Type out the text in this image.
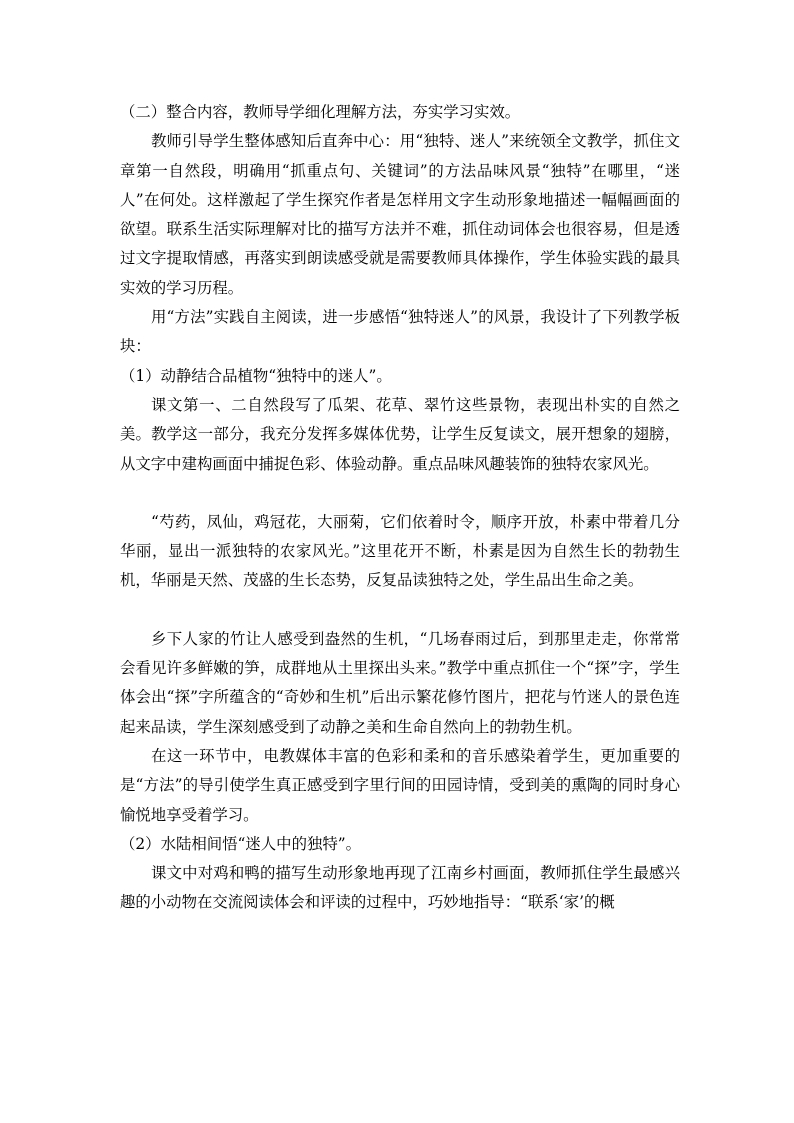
（二）整合内容，教师导学细化理解方法，夯实学习实效。

教师引导学生整体感知后直奔中心：用“独特、迷人”来统领全文教学，抓住文章第一自然段，明确用“抓重点句、关键词”的方法品味风景“独特”在哪里，“迷人”在何处。这样激起了学生探究作者是怎样用文字生动形象地描述一幅幅画面的欲望。联系生活实际理解对比的描写方法并不难，抓住动词体会也很容易，但是透过文字提取情感，再落实到朗读感受就是需要教师具体操作，学生体验实践的最具实效的学习历程。

用“方法”实践自主阅读，进一步感悟“独特迷人”的风景，我设计了下列教学板块：

（1）动静结合品植物“独特中的迷人”。

课文第一、二自然段写了瓜架、花草、翠竹这些景物，表现出朴实的自然之美。教学这一部分，我充分发挥多媒体优势，让学生反复读文，展开想象的翅膀，从文字中建构画面中捕捉色彩、体验动静。重点品味风趣装饰的独特农家风光。

“芍药，凤仙，鸡冠花，大丽菊，它们依着时令，顺序开放，朴素中带着几分华丽，显出一派独特的农家风光。”这里花开不断，朴素是因为自然生长的勃勃生机，华丽是天然、茂盛的生长态势，反复品读独特之处，学生品出生命之美。

乡下人家的竹让人感受到盎然的生机，“几场春雨过后，到那里走走，你常常会看见许多鲜嫩的笋，成群地从土里探出头来。”教学中重点抓住一个“探”字，学生体会出“探”字所蕴含的“奇妙和生机”后出示繁花修竹图片，把花与竹迷人的景色连起来品读，学生深刻感受到了动静之美和生命自然向上的勃勃生机。

在这一环节中，电教媒体丰富的色彩和柔和的音乐感染着学生，更加重要的是“方法”的导引使学生真正感受到字里行间的田园诗情，受到美的熏陶的同时身心愉悦地享受着学习。

（2）水陆相间悟“迷人中的独特”。

课文中对鸡和鸭的描写生动形象地再现了江南乡村画面，教师抓住学生最感兴趣的小动物在交流阅读体会和评读的过程中，巧妙地指导：“联系‘家’的概
